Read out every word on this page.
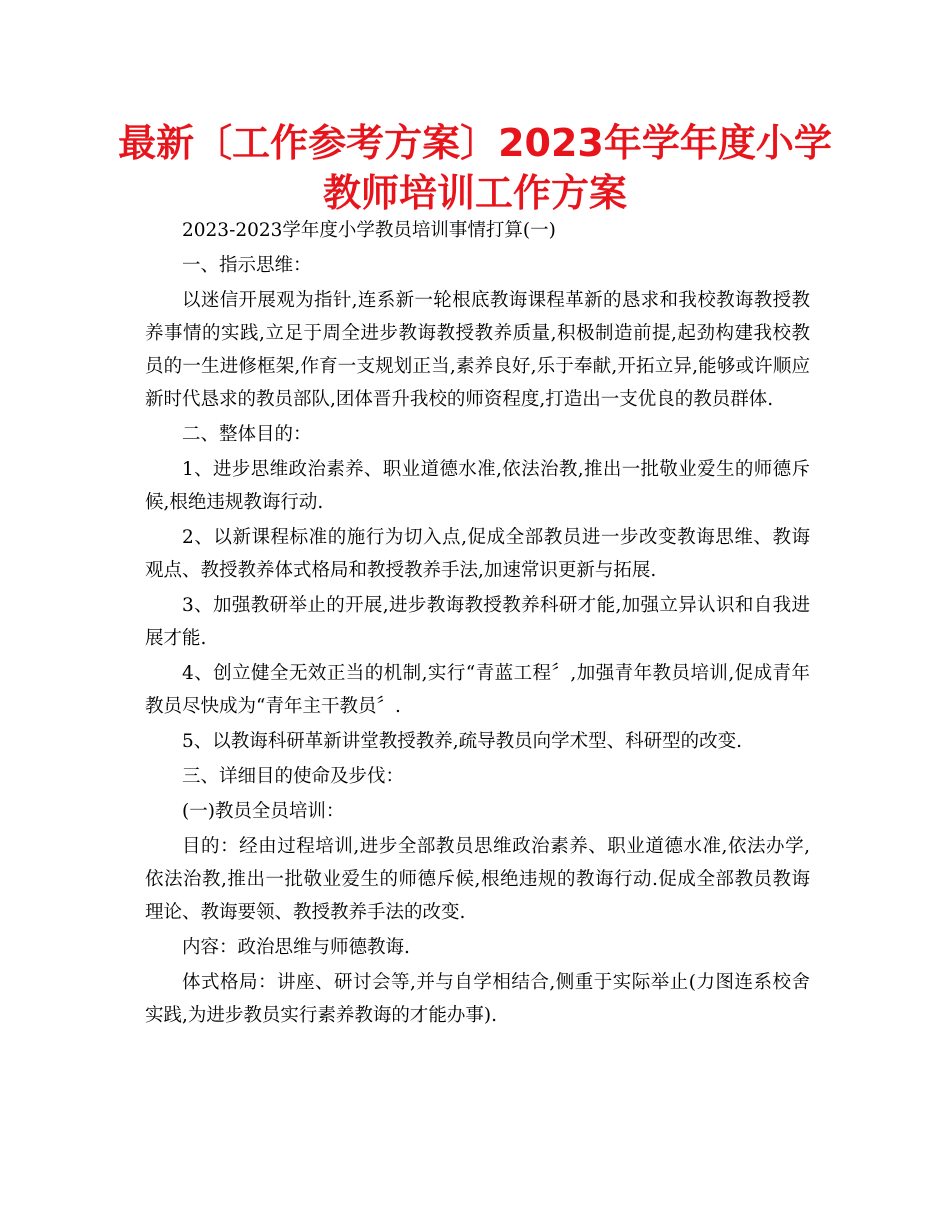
最新〔工作参考方案〕2023年学年度小学教师培训工作方案

2023-2023学年度小学教员培训事情打算(一)

一、指示思维：

以迷信开展观为指针,连系新一轮根底教诲课程革新的恳求和我校教诲教授教养事情的实践,立足于周全进步教诲教授教养质量,积极制造前提,起劲构建我校教员的一生进修框架,作育一支规划正当,素养良好,乐于奉献,开拓立异,能够或许顺应新时代恳求的教员部队,团体晋升我校的师资程度,打造出一支优良的教员群体.

二、整体目的：

1、进步思维政治素养、职业道德水准,依法治教,推出一批敬业爱生的师德斥候,根绝违规教诲行动.

2、以新课程标准的施行为切入点,促成全部教员进一步改变教诲思维、教诲观点、教授教养体式格局和教授教养手法,加速常识更新与拓展.

3、加强教研举止的开展,进步教诲教授教养科研才能,加强立异认识和自我进展才能.

4、创立健全无效正当的机制,实行“青蓝工程〞,加强青年教员培训,促成青年教员尽快成为“青年主干教员〞.

5、以教诲科研革新讲堂教授教养,疏导教员向学术型、科研型的改变.

三、详细目的使命及步伐：

(一)教员全员培训：

目的：经由过程培训,进步全部教员思维政治素养、职业道德水准,依法办学,依法治教,推出一批敬业爱生的师德斥候,根绝违规的教诲行动.促成全部教员教诲理论、教诲要领、教授教养手法的改变.

内容：政治思维与师德教诲.

体式格局：讲座、研讨会等,并与自学相结合,侧重于实际举止(力图连系校舍实践,为进步教员实行素养教诲的才能办事).
